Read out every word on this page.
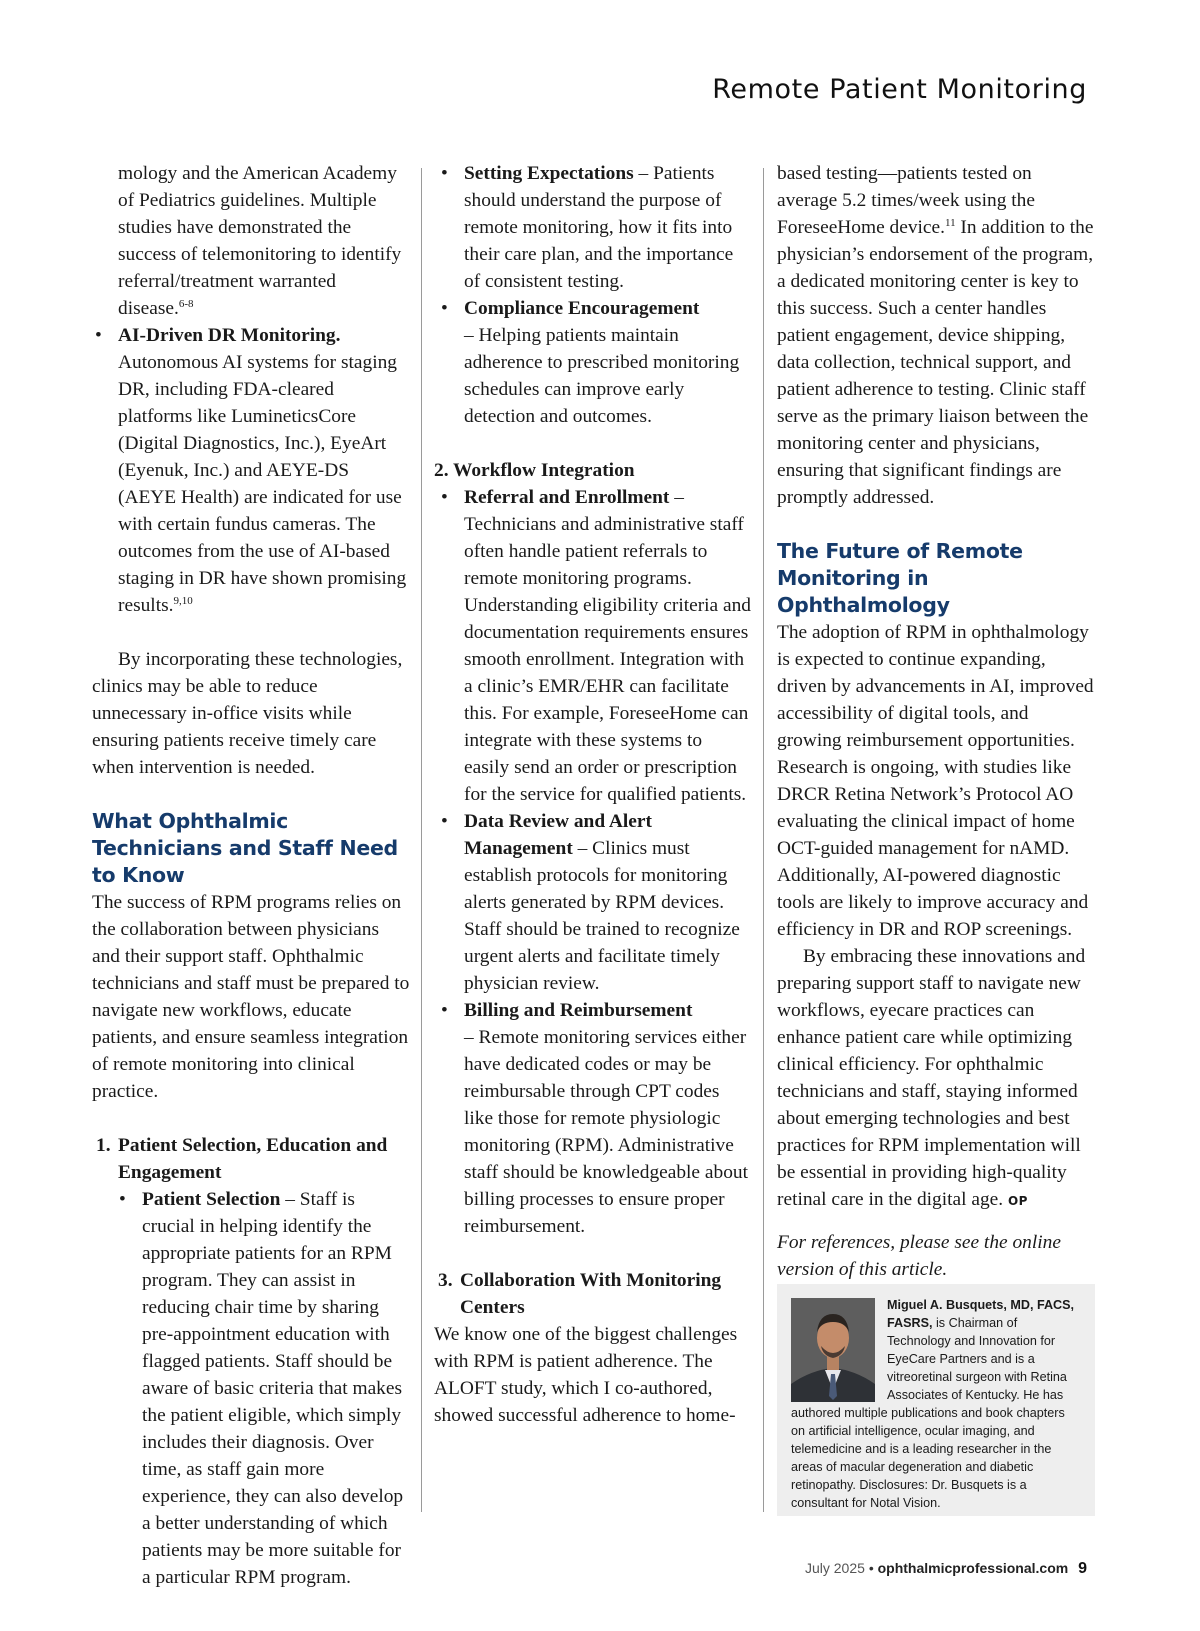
Remote Patient Monitoring

mology and the American Academy of Pediatrics guidelines. Multiple studies have demonstrated the success of telemonitoring to identify referral/treatment warranted disease.$^{6-8}$

• AI-Driven DR Monitoring.
Autonomous AI systems for staging DR, including FDA-cleared platforms like LumineticsCore (Digital Diagnostics, Inc.), EyeArt (Eyenuk, Inc.) and AEYE-DS (AEYE Health) are indicated for use with certain fundus cameras. The outcomes from the use of AI-based staging in DR have shown promising results.$^{9,10}$

By incorporating these technologies, clinics may be able to reduce unnecessary in-office visits while ensuring patients receive timely care when intervention is needed.

What Ophthalmic Technicians and Staff Need to Know

The success of RPM programs relies on the collaboration between physicians and their support staff. Ophthalmic technicians and staff must be prepared to navigate new workflows, educate patients, and ensure seamless integration of remote monitoring into clinical practice.

1. Patient Selection, Education and Engagement

• Patient Selection – Staff is crucial in helping identify the appropriate patients for an RPM program. They can assist in reducing chair time by sharing pre-appointment education with flagged patients. Staff should be aware of basic criteria that makes the patient eligible, which simply includes their diagnosis. Over time, as staff gain more experience, they can also develop a better understanding of which patients may be more suitable for a particular RPM program.

• Setting Expectations – Patients should understand the purpose of remote monitoring, how it fits into their care plan, and the importance of consistent testing.

• Compliance Encouragement
– Helping patients maintain adherence to prescribed monitoring schedules can improve early detection and outcomes.

2. Workflow Integration

• Referral and Enrollment – Technicians and administrative staff often handle patient referrals to remote monitoring programs. Understanding eligibility criteria and documentation requirements ensures smooth enrollment. Integration with a clinic’s EMR/EHR can facilitate this. For example, ForeseeHome can integrate with these systems to easily send an order or prescription for the service for qualified patients.

• Data Review and Alert Management – Clinics must establish protocols for monitoring alerts generated by RPM devices. Staff should be trained to recognize urgent alerts and facilitate timely physician review.

• Billing and Reimbursement
– Remote monitoring services either have dedicated codes or may be reimbursable through CPT codes like those for remote physiologic monitoring (RPM). Administrative staff should be knowledgeable about billing processes to ensure proper reimbursement.

3. Collaboration With Monitoring Centers

We know one of the biggest challenges with RPM is patient adherence. The ALOFT study, which I co-authored, showed successful adherence to home-

based testing—patients tested on average 5.2 times/week using the ForeseeHome device.$^{11}$ In addition to the physician’s endorsement of the program, a dedicated monitoring center is key to this success. Such a center handles patient engagement, device shipping, data collection, technical support, and patient adherence to testing. Clinic staff serve as the primary liaison between the monitoring center and physicians, ensuring that significant findings are promptly addressed.

The Future of Remote Monitoring in Ophthalmology

The adoption of RPM in ophthalmology is expected to continue expanding, driven by advancements in AI, improved accessibility of digital tools, and growing reimbursement opportunities. Research is ongoing, with studies like DRCR Retina Network’s Protocol AO evaluating the clinical impact of home OCT-guided management for nAMD. Additionally, AI-powered diagnostic tools are likely to improve accuracy and efficiency in DR and ROP screenings.

By embracing these innovations and preparing support staff to navigate new workflows, eyecare practices can enhance patient care while optimizing clinical efficiency. For ophthalmic technicians and staff, staying informed about emerging technologies and best practices for RPM implementation will be essential in providing high-quality retinal care in the digital age. OP

For references, please see the online version of this article.

Miguel A. Busquets, MD, FACS, FASRS, is Chairman of Technology and Innovation for EyeCare Partners and is a vitreoretinal surgeon with Retina Associates of Kentucky. He has authored multiple publications and book chapters on artificial intelligence, ocular imaging, and telemedicine and is a leading researcher in the areas of macular degeneration and diabetic retinopathy. Disclosures: Dr. Busquets is a consultant for Notal Vision.
July 2025 • ophthalmicprofessional.com 9
